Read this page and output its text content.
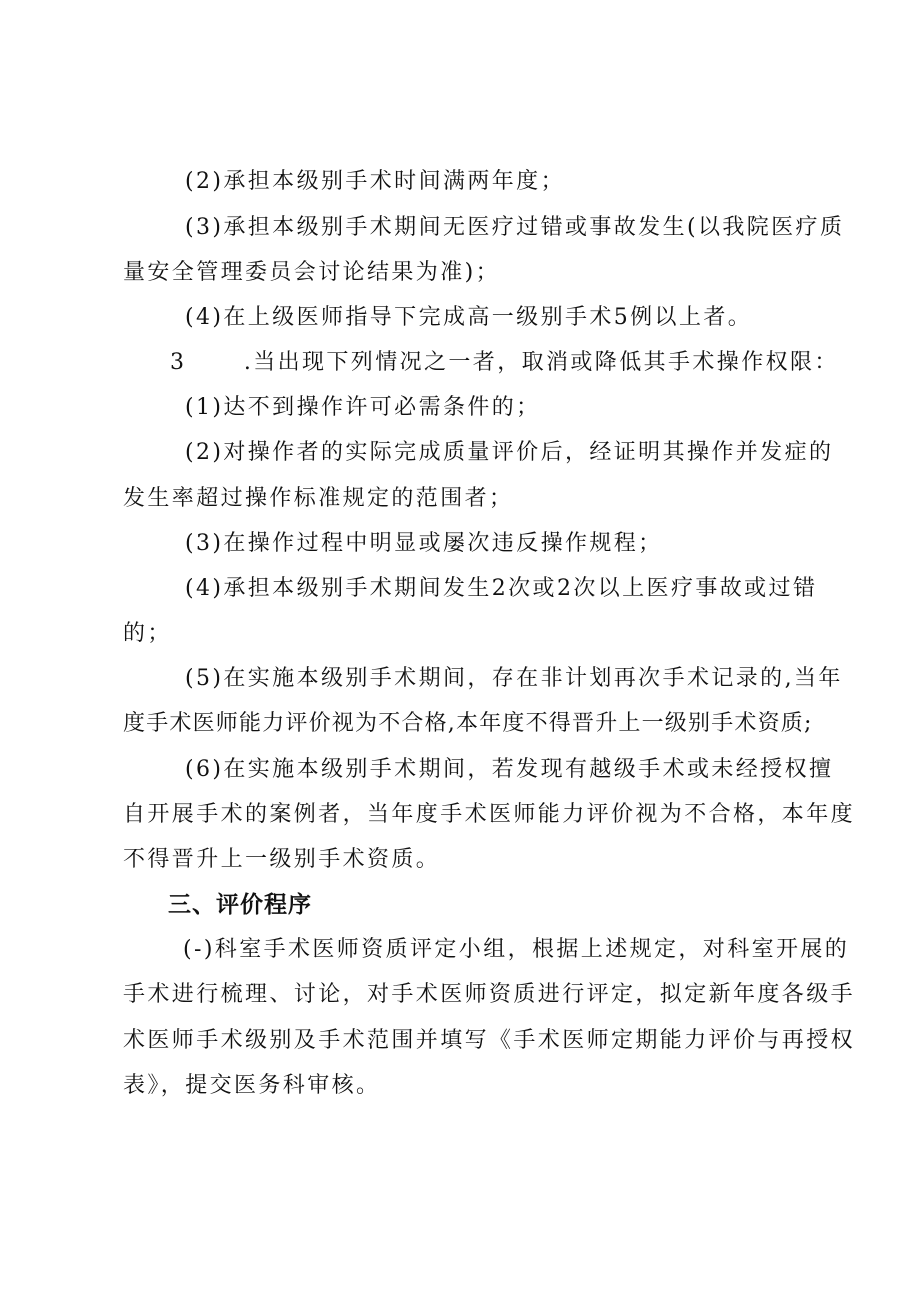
(2)承担本级别手术时间满两年度；
(3)承担本级别手术期间无医疗过错或事故发生(以我院医疗质
量安全管理委员会讨论结果为准)；
(4)在上级医师指导下完成高一级别手术5例以上者。
3	.当出现下列情况之一者，取消或降低其手术操作权限：
(1)达不到操作许可必需条件的；
(2)对操作者的实际完成质量评价后，经证明其操作并发症的
发生率超过操作标准规定的范围者；
(3)在操作过程中明显或屡次违反操作规程；
(4)承担本级别手术期间发生2次或2次以上医疗事故或过错
的；
(5)在实施本级别手术期间，存在非计划再次手术记录的,当年
度手术医师能力评价视为不合格,本年度不得晋升上一级别手术资质;
(6)在实施本级别手术期间，若发现有越级手术或未经授权擅
自开展手术的案例者，当年度手术医师能力评价视为不合格，本年度
不得晋升上一级别手术资质。
三、评价程序
(-)科室手术医师资质评定小组，根据上述规定，对科室开展的
手术进行梳理、讨论，对手术医师资质进行评定，拟定新年度各级手
术医师手术级别及手术范围并填写《手术医师定期能力评价与再授权
表》，提交医务科审核。
